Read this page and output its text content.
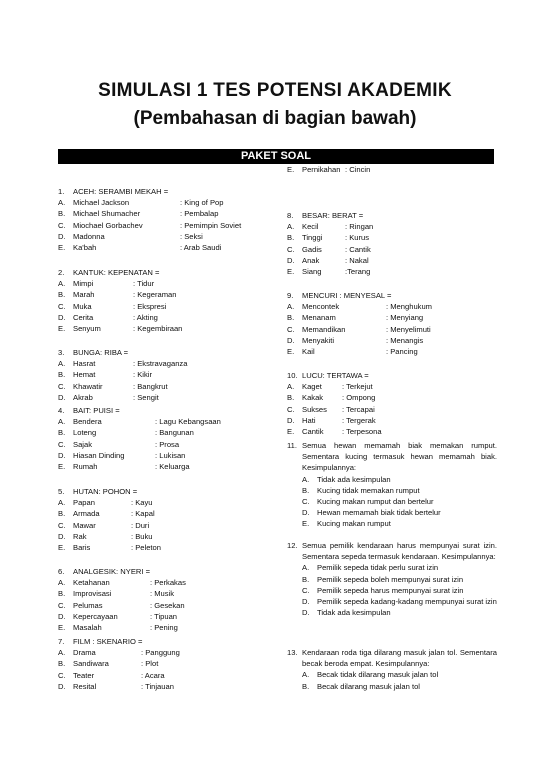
SIMULASI 1 TES POTENSI AKADEMIK
(Pembahasan di bagian bawah)
PAKET SOAL
1. ACEH: SERAMBI MEKAH =
A. Michael Jackson	: King of Pop
B. Michael Shumacher	: Pembalap
C. Miochael Gorbachev	: Pemimpin Soviet
D. Madonna	: Seksi
E. Ka'bah	: Arab Saudi
2. KANTUK: KEPENATAN =
A. Mimpi	: Tidur
B. Marah	: Kegeraman
C. Muka	: Ekspresi
D. Cerita	: Akting
E. Senyum	: Kegembiraan
3. BUNGA: RIBA =
A. Hasrat	: Ekstravaganza
B. Hemat	: Kikir
C. Khawatir	: Bangkrut
D. Akrab	: Sengit
4. BAIT: PUISI =
A. Bendera	: Lagu Kebangsaan
B. Loteng	: Bangunan
C. Sajak	: Prosa
D. Hiasan Dinding	: Lukisan
E. Rumah	: Keluarga
5. HUTAN: POHON =
A. Papan	: Kayu
B. Armada	: Kapal
C. Mawar	: Duri
D. Rak	: Buku
E. Baris	: Peleton
6. ANALGESIK: NYERI =
A. Ketahanan	: Perkakas
B. Improvisasi	: Musik
C. Pelumas	: Gesekan
D. Kepercayaan	: Tipuan
E. Masalah	: Pening
7. FILM : SKENARIO =
A. Drama	: Panggung
B. Sandiwara	: Plot
C. Teater	: Acara
D. Resital	: Tinjauan
E. Pernikahan : Cincin
8. BESAR: BERAT =
A. Kecil	: Ringan
B. Tinggi	: Kurus
C. Gadis	: Cantik
D. Anak	: Nakal
E. Siang	:Terang
9. MENCURI : MENYESAL =
A. Mencontek	: Menghukum
B. Menanam	: Menyiang
C. Memandikan	: Menyelimuti
D. Menyakiti	: Menangis
E. Kail	: Pancing
10. LUCU: TERTAWA =
A. Kaget	: Terkejut
B. Kakak : Ompong
C. Sukses : Tercapai
D. Hati	: Tergerak
E. Cantik : Terpesona
11. Semua hewan memamah biak memakan rumput. Sementara kucing termasuk hewan memamah biak. Kesimpulannya:
A. Tidak ada kesimpulan
B. Kucing tidak memakan rumput
C. Kucing makan rumput dan bertelur
D. Hewan memamah biak tidak bertelur
E. Kucing makan rumput
12. Semua pemilik kendaraan harus mempunyai surat izin. Sementara sepeda termasuk kendaraan. Kesimpulannya:
A. Pemilik sepeda tidak perlu surat izin
B. Pemilik sepeda boleh mempunyai surat izin
C. Pemilik sepeda harus mempunyai surat izin
D. Pemilik sepeda kadang-kadang mempunyai surat izin
D. Tidak ada kesimpulan
13. Kendaraan roda tiga dilarang masuk jalan tol. Sementara becak beroda empat. Kesimpulannya:
A. Becak tidak dilarang masuk jalan tol
B. Becak dilarang masuk jalan tol
